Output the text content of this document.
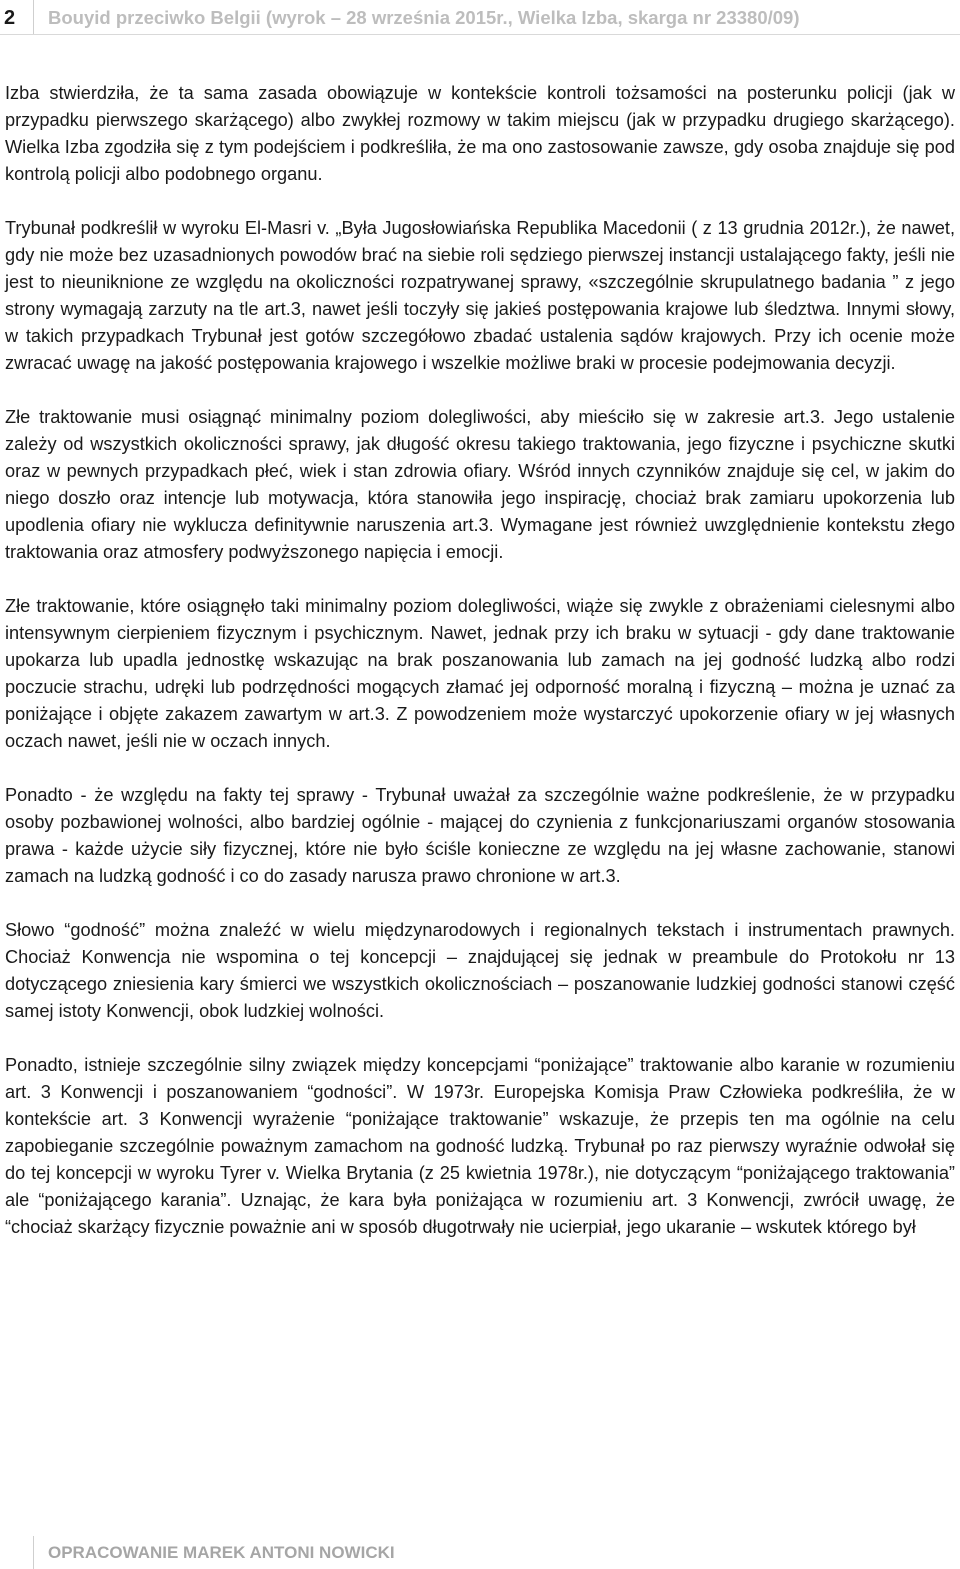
2 Bouyid przeciwko Belgii (wyrok – 28 września 2015r., Wielka Izba, skarga nr 23380/09)

Izba stwierdziła, że ta sama zasada obowiązuje w kontekście kontroli tożsamości na posterunku policji (jak w przypadku pierwszego skarżącego) albo zwykłej rozmowy w takim miejscu (jak w przypadku drugiego skarżącego). Wielka Izba zgodziła się z tym podejściem i podkreśliła, że ma ono zastosowanie zawsze, gdy osoba znajduje się pod kontrolą policji albo podobnego organu.

Trybunał podkreślił w wyroku El-Masri v. „Była Jugosłowiańska Republika Macedonii ( z 13 grudnia 2012r.), że nawet, gdy nie może bez uzasadnionych powodów brać na siebie roli sędziego pierwszej instancji ustalającego fakty, jeśli nie jest to nieuniknione ze względu na okoliczności rozpatrywanej sprawy, «szczególnie skrupulatnego badania ” z jego strony wymagają zarzuty na tle art.3, nawet jeśli toczyły się jakieś postępowania krajowe lub śledztwa. Innymi słowy, w takich przypadkach Trybunał jest gotów szczegółowo zbadać ustalenia sądów krajowych. Przy ich ocenie może zwracać uwagę na jakość postępowania krajowego i wszelkie możliwe braki w procesie podejmowania decyzji.

Złe traktowanie musi osiągnąć minimalny poziom dolegliwości, aby mieściło się w zakresie art.3. Jego ustalenie zależy od wszystkich okoliczności sprawy, jak długość okresu takiego traktowania, jego fizyczne i psychiczne skutki oraz w pewnych przypadkach płeć, wiek i stan zdrowia ofiary. Wśród innych czynników znajduje się cel, w jakim do niego doszło oraz intencje lub motywacja, która stanowiła jego inspirację, chociaż brak zamiaru upokorzenia lub upodlenia ofiary nie wyklucza definitywnie naruszenia art.3. Wymagane jest również uwzględnienie kontekstu złego traktowania oraz atmosfery podwyższonego napięcia i emocji.

Złe traktowanie, które osiągnęło taki minimalny poziom dolegliwości, wiąże się zwykle z obrażeniami cielesnymi albo intensywnym cierpieniem fizycznym i psychicznym. Nawet, jednak przy ich braku w sytuacji - gdy dane traktowanie upokarza lub upadla jednostkę wskazując na brak poszanowania lub zamach na jej godność ludzką albo rodzi poczucie strachu, udręki lub podrzędności mogących złamać jej odporność moralną i fizyczną – można je uznać za poniżające i objęte zakazem zawartym w art.3. Z powodzeniem może wystarczyć upokorzenie ofiary w jej własnych oczach nawet, jeśli nie w oczach innych.

Ponadto - że względu na fakty tej sprawy - Trybunał uważał za szczególnie ważne podkreślenie, że w przypadku osoby pozbawionej wolności, albo bardziej ogólnie - mającej do czynienia z funkcjonariuszami organów stosowania prawa - każde użycie siły fizycznej, które nie było ściśle konieczne ze względu na jej własne zachowanie, stanowi zamach na ludzką godność i co do zasady narusza prawo chronione w art.3.

Słowo “godność” można znaleźć w wielu międzynarodowych i regionalnych tekstach i instrumentach prawnych. Chociaż Konwencja nie wspomina o tej koncepcji – znajdującej się jednak w preambule do Protokołu nr 13 dotyczącego zniesienia kary śmierci we wszystkich okolicznościach – poszanowanie ludzkiej godności stanowi część samej istoty Konwencji, obok ludzkiej wolności.

Ponadto, istnieje szczególnie silny związek między koncepcjami “poniżające” traktowanie albo karanie w rozumieniu art. 3 Konwencji i poszanowaniem “godności”. W 1973r. Europejska Komisja Praw Człowieka podkreśliła, że w kontekście art. 3 Konwencji wyrażenie “poniżające traktowanie” wskazuje, że przepis ten ma ogólnie na celu zapobieganie szczególnie poważnym zamachom na godność ludzką. Trybunał po raz pierwszy wyraźnie odwołał się do tej koncepcji w wyroku Tyrer v. Wielka Brytania (z 25 kwietnia 1978r.), nie dotyczącym “poniżającego traktowania” ale “poniżającego karania”. Uznając, że kara była poniżająca w rozumieniu art. 3 Konwencji, zwrócił uwagę, że “chociaż skarżący fizycznie poważnie ani w sposób długotrwały nie ucierpiał, jego ukaranie – wskutek którego był

OPRACOWANIE MAREK ANTONI NOWICKI
